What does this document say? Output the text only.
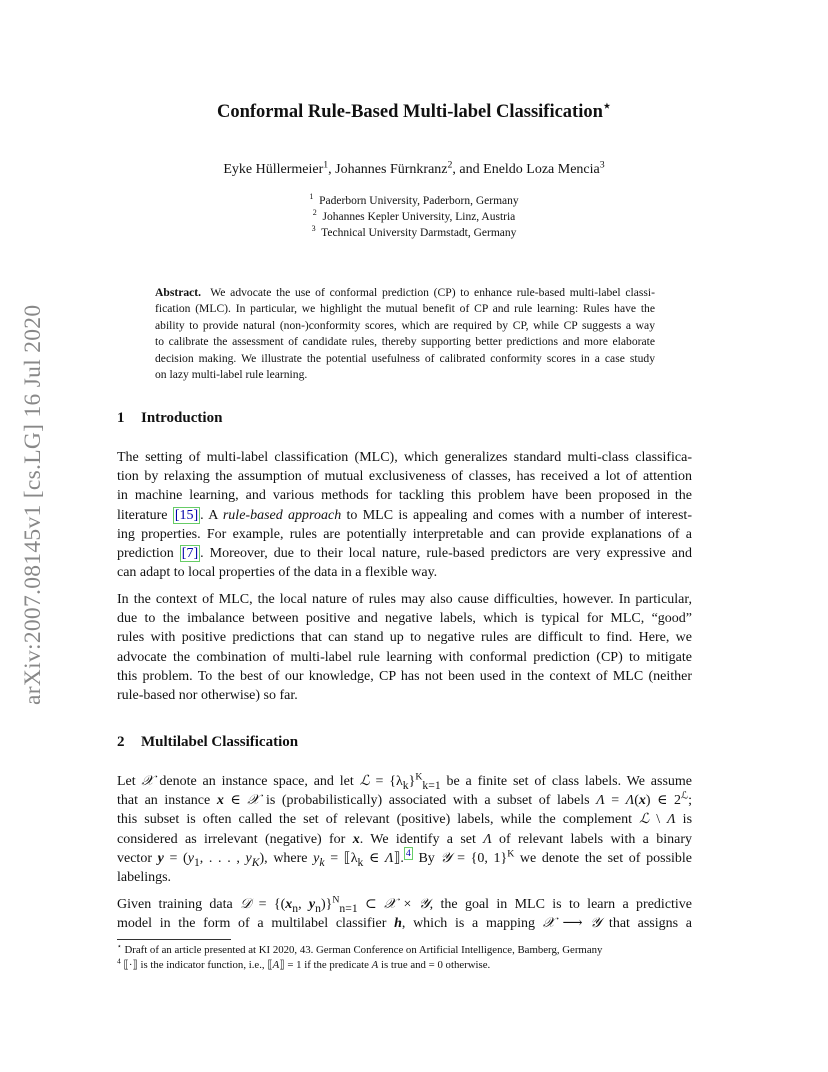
arXiv:2007.08145v1 [cs.LG] 16 Jul 2020
Conformal Rule-Based Multi-label Classification⋆
Eyke Hüllermeier$^1$, Johannes Fürnkranz$^2$, and Eneldo Loza Mencia$^3$
$^1$ Paderborn University, Paderborn, Germany
$^2$ Johannes Kepler University, Linz, Austria
$^3$ Technical University Darmstadt, Germany
Abstract. We advocate the use of conformal prediction (CP) to enhance rule-based multi-label classi-
fication (MLC). In particular, we highlight the mutual benefit of CP and rule learning: Rules have the
ability to provide natural (non-)conformity scores, which are required by CP, while CP suggests a way
to calibrate the assessment of candidate rules, thereby supporting better predictions and more elaborate
decision making. We illustrate the potential usefulness of calibrated conformity scores in a case study
on lazy multi-label rule learning.
1 Introduction
The setting of multi-label classification (MLC), which generalizes standard multi-class classifica-
tion by relaxing the assumption of mutual exclusiveness of classes, has received a lot of attention
in machine learning, and various methods for tackling this problem have been proposed in the
literature [15] . A rule-based approach to MLC is appealing and comes with a number of interest-
ing properties. For example, rules are potentially interpretable and can provide explanations of a
prediction [7] . Moreover, due to their local nature, rule-based predictors are very expressive and
can adapt to local properties of the data in a flexible way.
In the context of MLC, the local nature of rules may also cause difficulties, however. In particular,
due to the imbalance between positive and negative labels, which is typical for MLC, “good”
rules with positive predictions that can stand up to negative rules are difficult to find. Here, we
advocate the combination of multi-label rule learning with conformal prediction (CP) to mitigate
this problem. To the best of our knowledge, CP has not been used in the context of MLC (neither
rule-based nor otherwise) so far.
2 Multilabel Classification
Let 𝒳 denote an instance space, and let ℒ = $\{\lambda_k\}^K_{k=1}$ be a finite set of class labels. We assume
that an instance x ∈ 𝒳 is (probabilistically) associated with a subset of labels Λ = Λ(x) ∈ $2^ℒ$;
this subset is often called the set of relevant (positive) labels, while the complement ℒ \ Λ is
considered as irrelevant (negative) for x. We identify a set Λ of relevant labels with a binary
vector $y = (y_1$, . . . , $y_K$), where $y_k$ = $⟦\lambda_k$ ∈ Λ⟧. $^4$ By 𝒴 = {0, 1}$^K$ we denote the set of possible
labelings.
Given training data 𝒟 = {($x_n$, $y_n)\}^N_{n=1}$ ⊂ 𝒳 × 𝒴, the goal in MLC is to learn a predictive
model in the form of a multilabel classifier h, which is a mapping 𝒳 ⟶ 𝒴 that assigns a
⋆ Draft of an article presented at KI 2020, 43. German Conference on Artificial Intelligence, Bamberg, Germany
$^4$ ⟦·⟧ is the indicator function, i.e., ⟦A⟧ = 1 if the predicate A is true and = 0 otherwise.
